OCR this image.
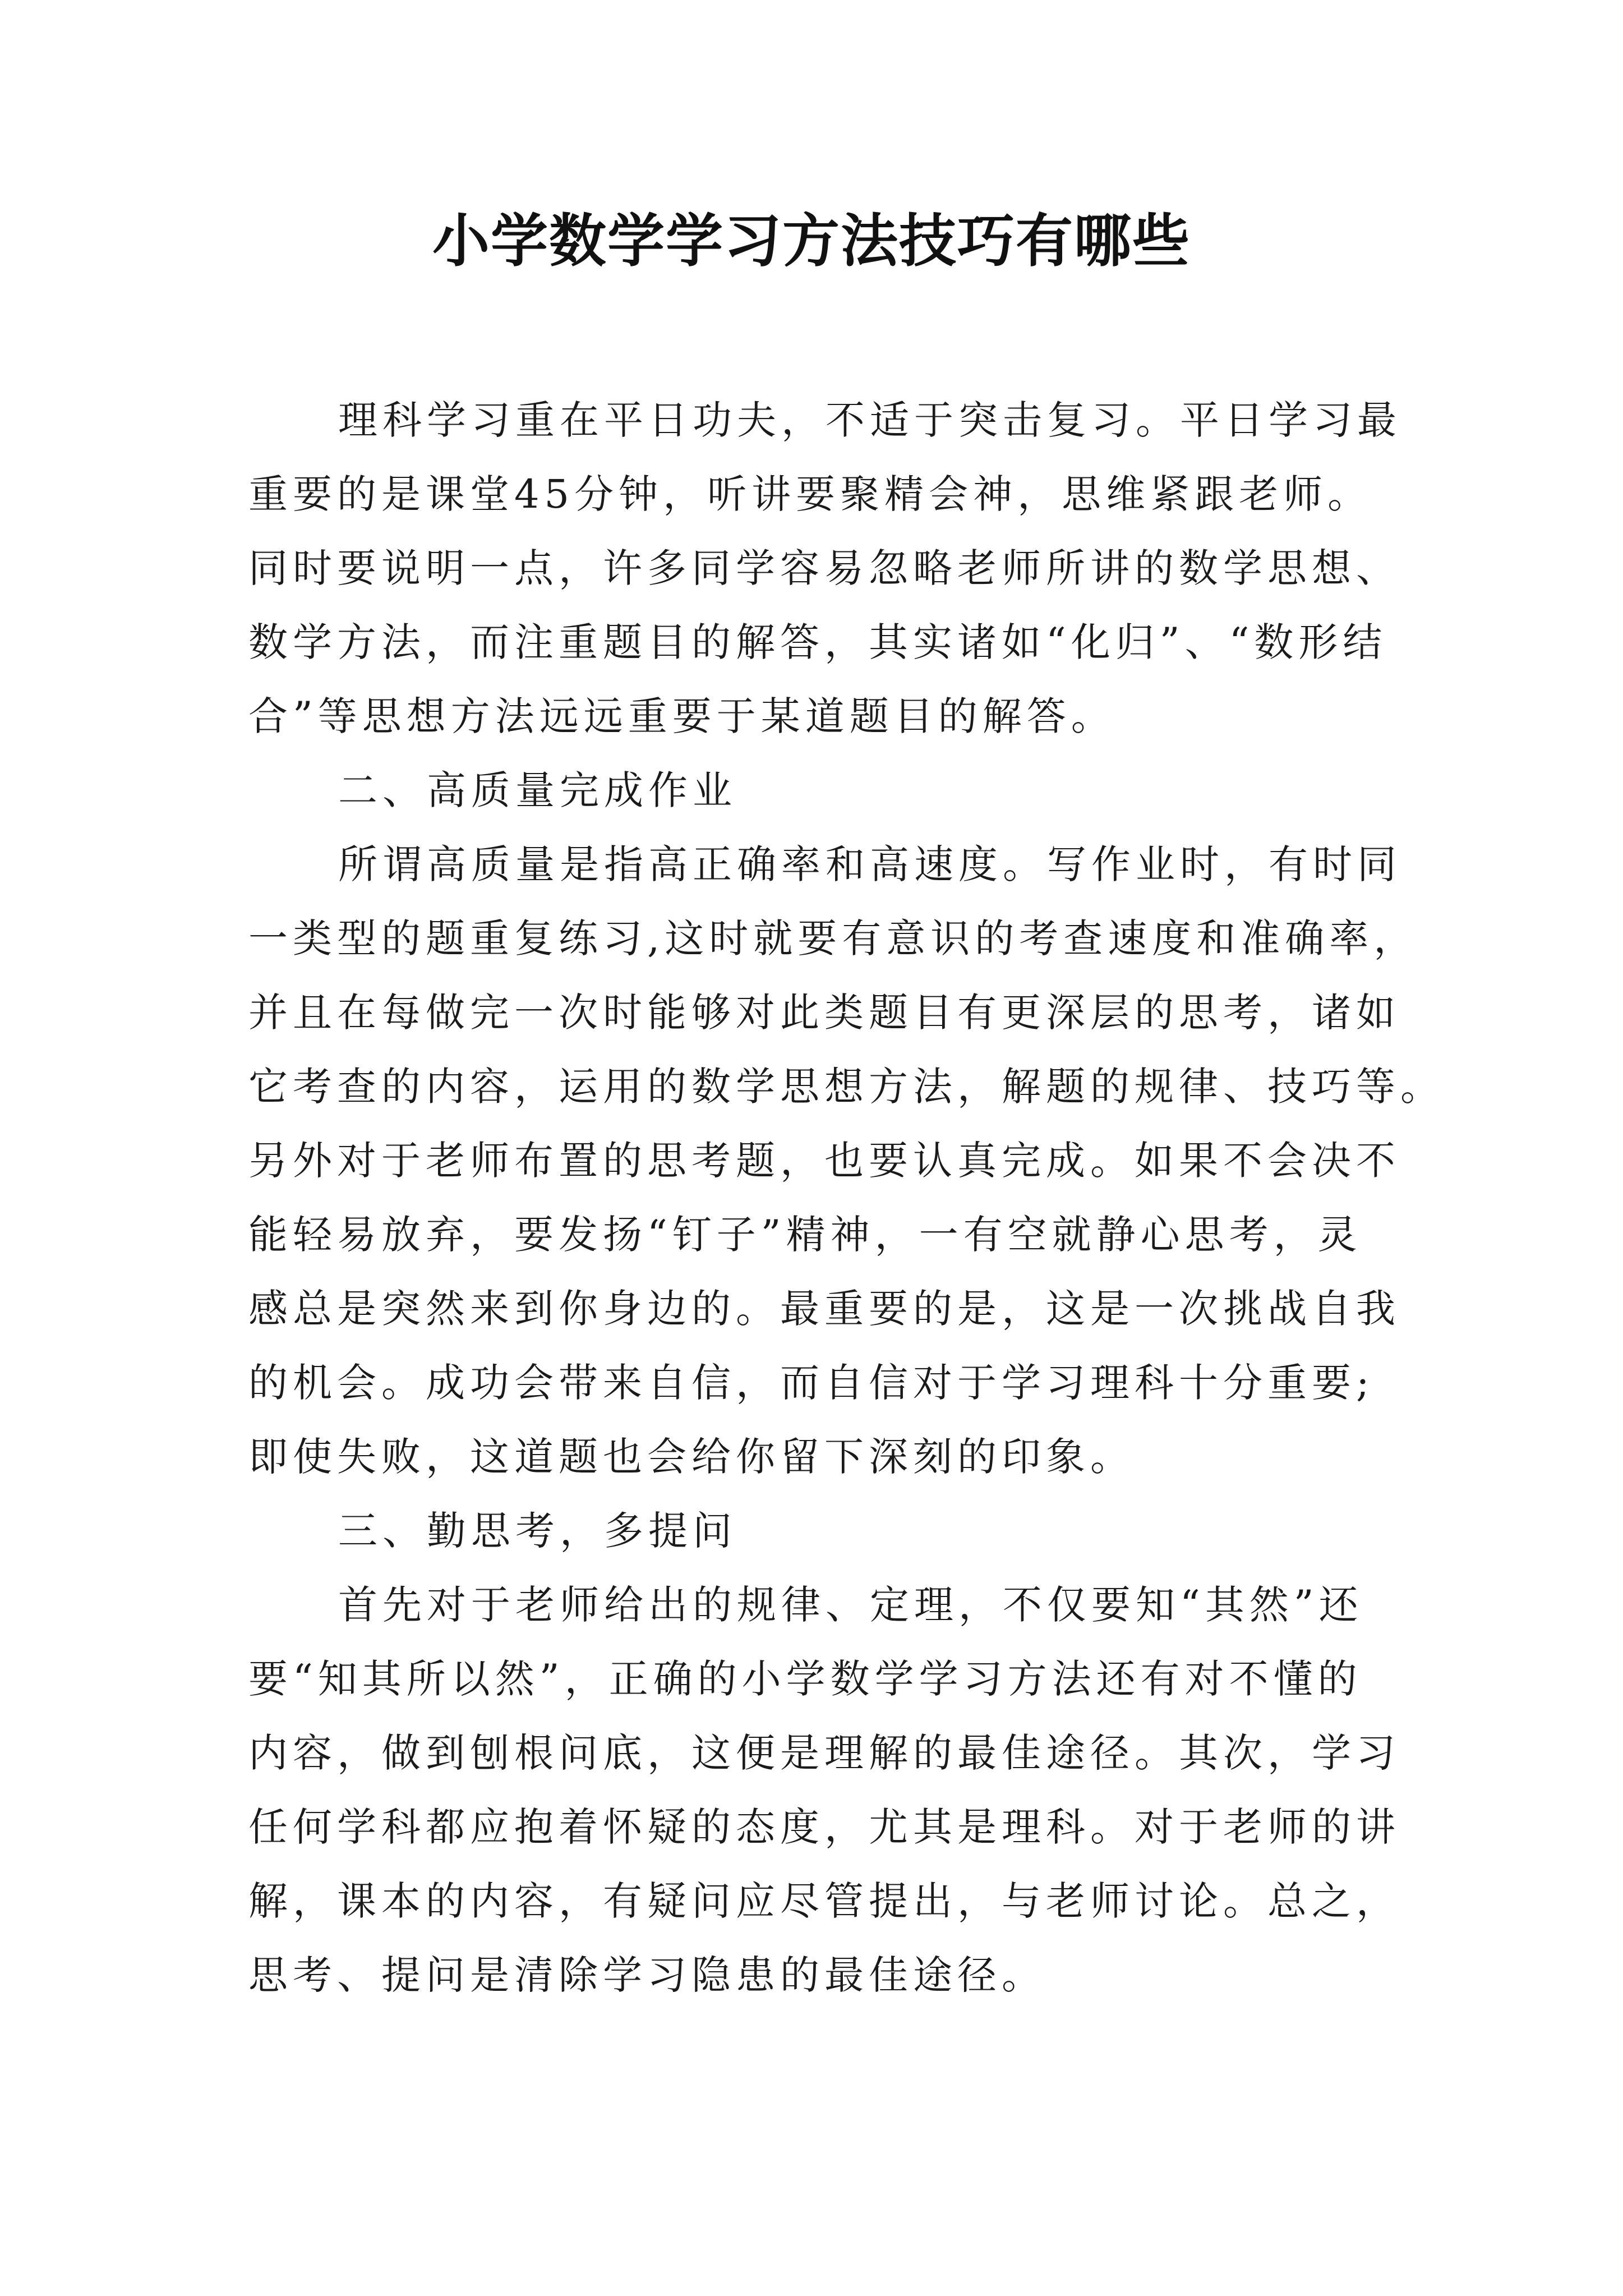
小学数学学习方法技巧有哪些
理科学习重在平日功夫，不适于突击复习。平日学习最
重要的是课堂45分钟，听讲要聚精会神，思维紧跟老师。
同时要说明一点，许多同学容易忽略老师所讲的数学思想、
数学方法，而注重题目的解答，其实诸如“化归”、“数形结
合”等思想方法远远重要于某道题目的解答。
二、高质量完成作业
所谓高质量是指高正确率和高速度。写作业时，有时同
一类型的题重复练习,这时就要有意识的考查速度和准确率，
并且在每做完一次时能够对此类题目有更深层的思考，诸如
它考查的内容，运用的数学思想方法，解题的规律、技巧等。
另外对于老师布置的思考题，也要认真完成。如果不会决不
能轻易放弃，要发扬“钉子”精神，一有空就静心思考，灵
感总是突然来到你身边的。最重要的是，这是一次挑战自我
的机会。成功会带来自信，而自信对于学习理科十分重要;
即使失败，这道题也会给你留下深刻的印象。
三、勤思考，多提问
首先对于老师给出的规律、定理，不仅要知“其然”还
要“知其所以然”，正确的小学数学学习方法还有对不懂的
内容，做到刨根问底，这便是理解的最佳途径。其次，学习
任何学科都应抱着怀疑的态度，尤其是理科。对于老师的讲
解，课本的内容，有疑问应尽管提出，与老师讨论。总之，
思考、提问是清除学习隐患的最佳途径。
